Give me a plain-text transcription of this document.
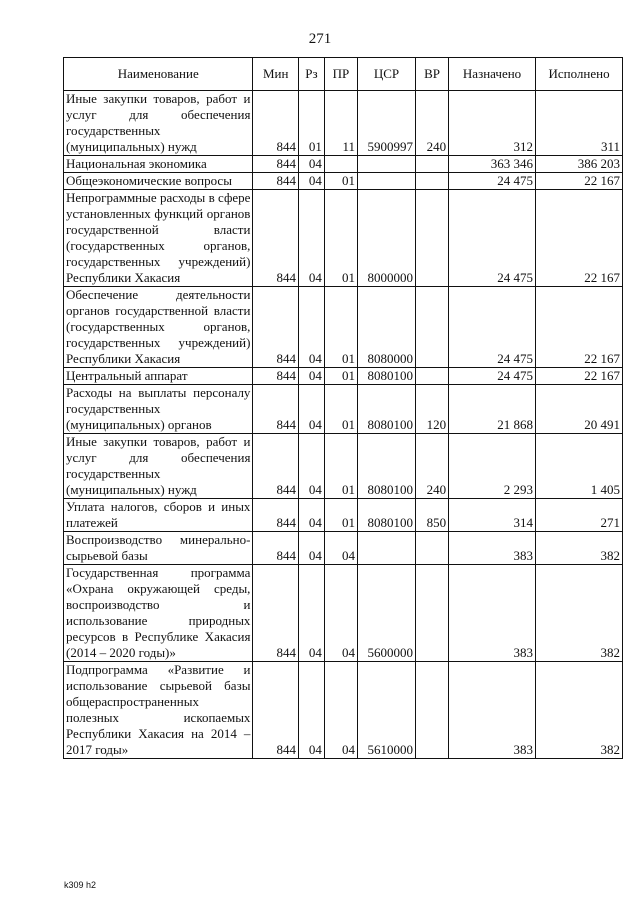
271
Наименование	Мин	Рз	ПР	ЦСР	ВР	Назначено	Исполнено
Иные закупки товаров, работ и услуг для обеспечения государственных (муниципальных) нужд	844	01	11	5900997	240	312	311
Национальная экономика	844	04				363 346	386 203
Общеэкономические вопросы	844	04	01			24 475	22 167
Непрограммные расходы в сфере установленных функций органов государственной власти (государственных органов, государственных учреждений) Республики Хакасия	844	04	01	8000000		24 475	22 167
Обеспечение деятельности органов государственной власти (государственных органов, государственных учреждений) Республики Хакасия	844	04	01	8080000		24 475	22 167
Центральный аппарат	844	04	01	8080100		24 475	22 167
Расходы на выплаты персоналу государственных (муниципальных) органов	844	04	01	8080100	120	21 868	20 491
Иные закупки товаров, работ и услуг для обеспечения государственных (муниципальных) нужд	844	04	01	8080100	240	2 293	1 405
Уплата налогов, сборов и иных платежей	844	04	01	8080100	850	314	271
Воспроизводство минерально-сырьевой базы	844	04	04			383	382
Государственная программа «Охрана окружающей среды, воспроизводство и использование природных ресурсов в Республике Хакасия (2014 – 2020 годы)»	844	04	04	5600000		383	382
Подпрограмма «Развитие и использование сырьевой базы общераспространенных полезных ископаемых Республики Хакасия на 2014 – 2017 годы»	844	04	04	5610000		383	382
k309 h2
